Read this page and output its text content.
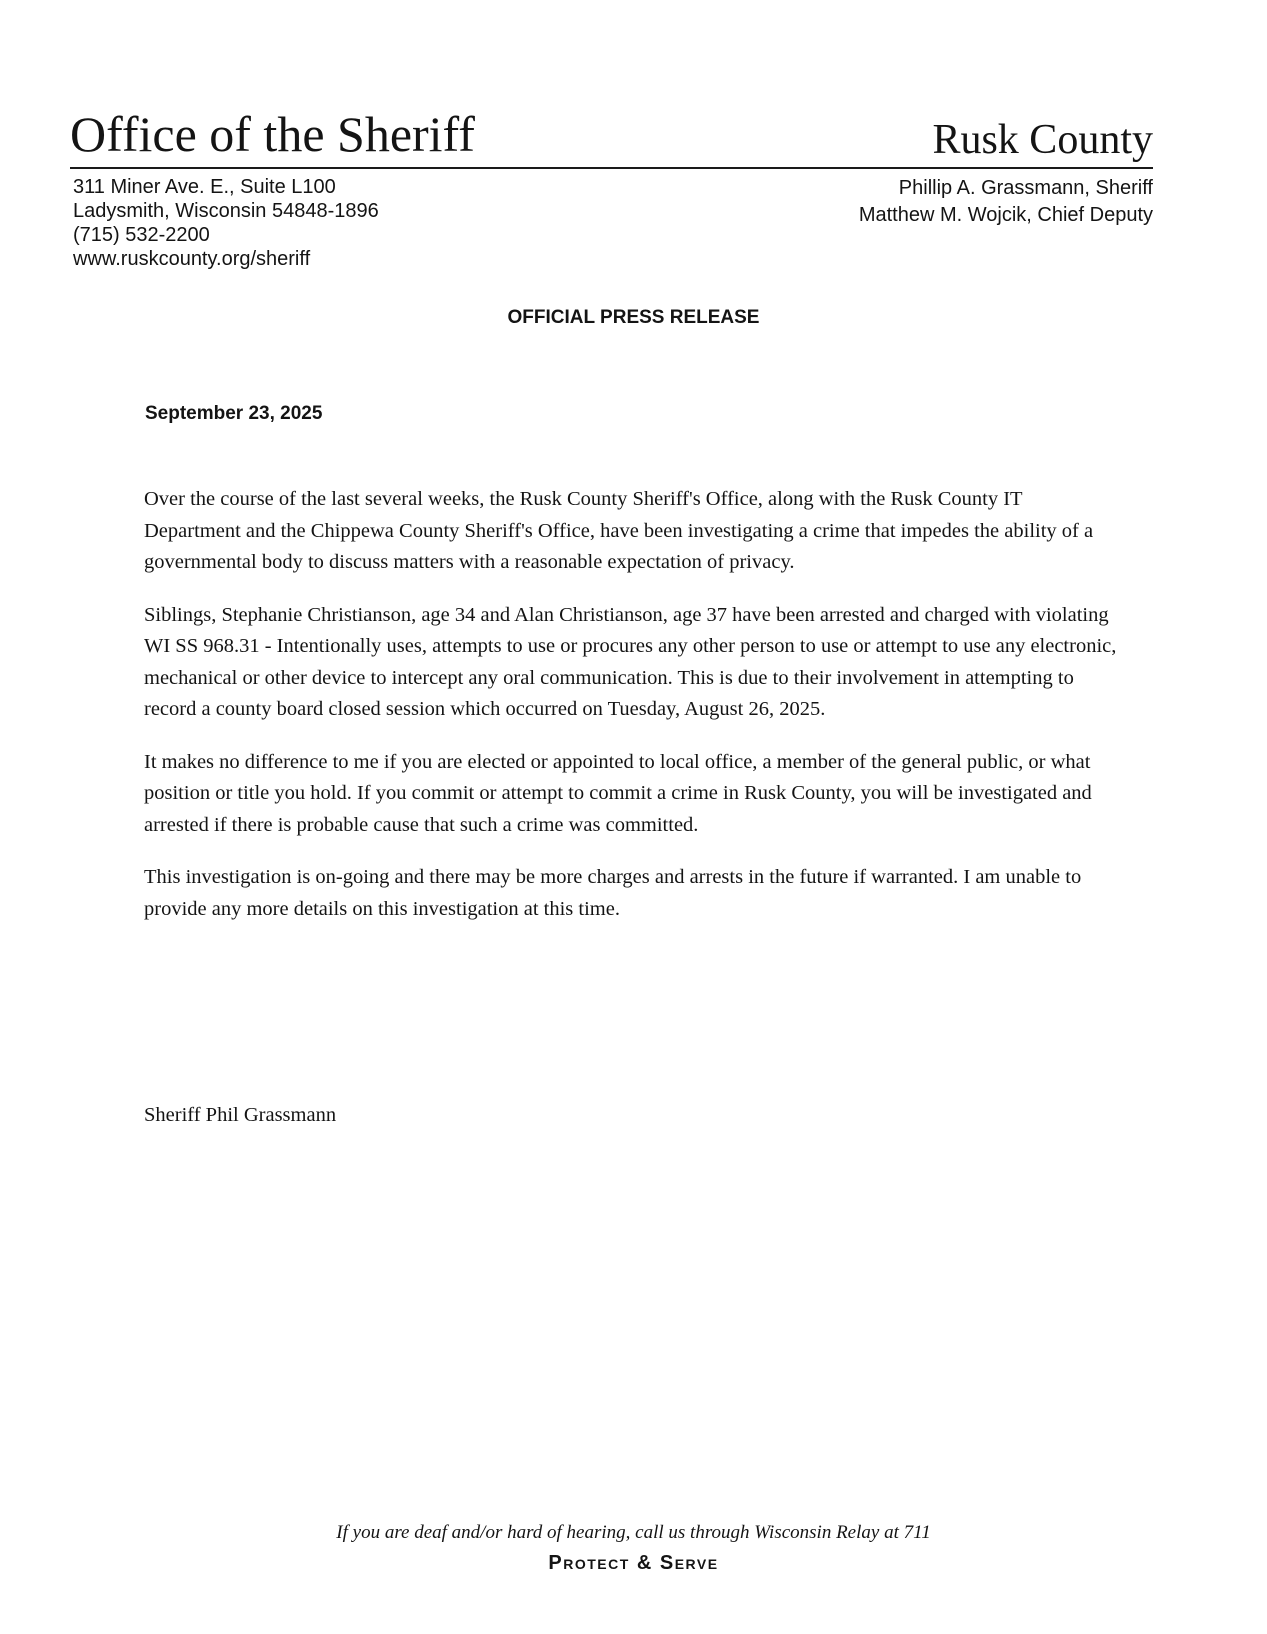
Office of the Sheriff	Rusk County
311 Miner Ave. E., Suite L100
Ladysmith, Wisconsin 54848-1896
(715) 532-2200
www.ruskcounty.org/sheriff
Phillip A. Grassmann, Sheriff
Matthew M. Wojcik, Chief Deputy
OFFICIAL PRESS RELEASE
September 23, 2025

Over the course of the last several weeks, the Rusk County Sheriff's Office, along with the Rusk County IT Department and the Chippewa County Sheriff's Office, have been investigating a crime that impedes the ability of a governmental body to discuss matters with a reasonable expectation of privacy.

Siblings, Stephanie Christianson, age 34 and Alan Christianson, age 37 have been arrested and charged with violating WI SS 968.31 - Intentionally uses, attempts to use or procures any other person to use or attempt to use any electronic, mechanical or other device to intercept any oral communication. This is due to their involvement in attempting to record a county board closed session which occurred on Tuesday, August 26, 2025.

It makes no difference to me if you are elected or appointed to local office, a member of the general public, or what position or title you hold. If you commit or attempt to commit a crime in Rusk County, you will be investigated and arrested if there is probable cause that such a crime was committed.

This investigation is on-going and there may be more charges and arrests in the future if warranted. I am unable to provide any more details on this investigation at this time.

Sheriff Phil Grassmann
If you are deaf and/or hard of hearing, call us through Wisconsin Relay at 711
Protect & Serve
